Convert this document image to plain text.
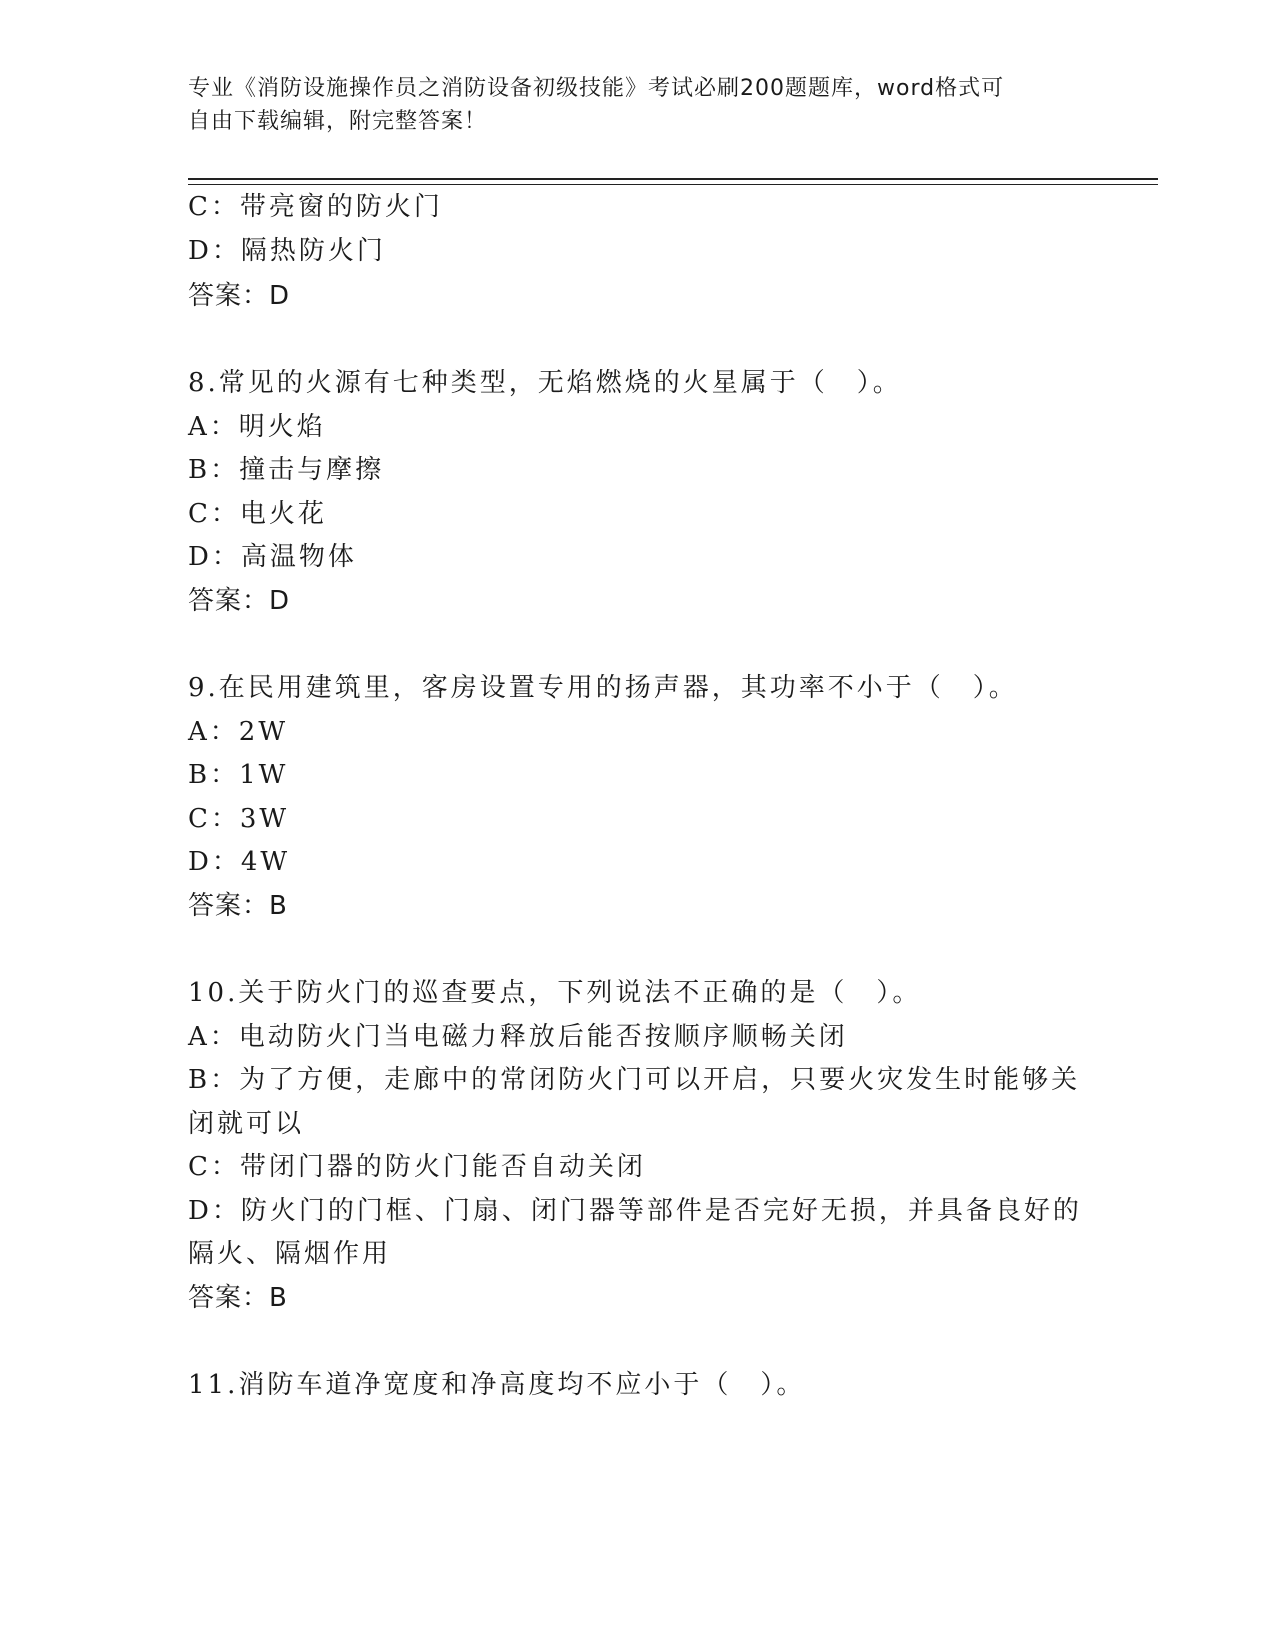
专业《消防设施操作员之消防设备初级技能》考试必刷200题题库，word格式可
自由下载编辑，附完整答案！
C：带亮窗的防火门
D：隔热防火门
答案：D
8.常见的火源有七种类型，无焰燃烧的火星属于（　）。
A：明火焰
B：撞击与摩擦
C：电火花
D：高温物体
答案：D
9.在民用建筑里，客房设置专用的扬声器，其功率不小于（　）。
A：2W
B：1W
C：3W
D：4W
答案：B
10.关于防火门的巡查要点，下列说法不正确的是（　）。
A：电动防火门当电磁力释放后能否按顺序顺畅关闭
B：为了方便，走廊中的常闭防火门可以开启，只要火灾发生时能够关
闭就可以
C：带闭门器的防火门能否自动关闭
D：防火门的门框、门扇、闭门器等部件是否完好无损，并具备良好的
隔火、隔烟作用
答案：B
11.消防车道净宽度和净高度均不应小于（　）。
